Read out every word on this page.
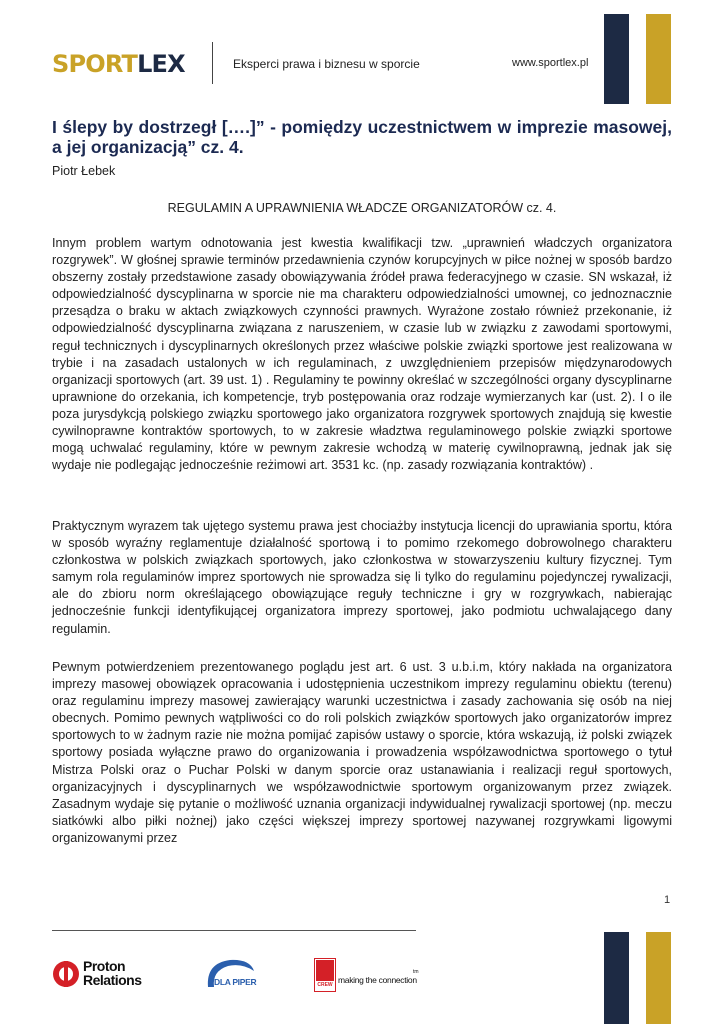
SPORTLEX	Eksperci prawa i biznesu w sporcie	www.sportlex.pl
I ślepy by dostrzegł [….]” - pomiędzy uczestnictwem w imprezie masowej, a jej organizacją” cz. 4.
Piotr Łebek
REGULAMIN A UPRAWNIENIA WŁADCZE ORGANIZATORÓW cz. 4.

Innym problem wartym odnotowania jest kwestia kwalifikacji tzw. „uprawnień władczych organizatora rozgrywek”. W głośnej sprawie terminów przedawnienia czynów korupcyjnych w piłce nożnej w sposób bardzo obszerny zostały przedstawione zasady obowiązywania źródeł prawa federacyjnego w czasie. SN wskazał, iż odpowiedzialność dyscyplinarna w sporcie nie ma charakteru odpowiedzialności umownej, co jednoznacznie przesądza o braku w aktach związkowych czynności prawnych. Wyrażone zostało również przekonanie, iż odpowiedzialność dyscyplinarna związana z naruszeniem, w czasie lub w związku z zawodami sportowymi, reguł technicznych i dyscyplinarnych określonych przez właściwe polskie związki sportowe jest realizowana w trybie i na zasadach ustalonych w ich regulaminach, z uwzględnieniem przepisów międzynarodowych organizacji sportowych (art. 39 ust. 1) . Regulaminy te powinny określać w szczególności organy dyscyplinarne uprawnione do orzekania, ich kompetencje, tryb postępowania oraz rodzaje wymierzanych kar (ust. 2). I o ile poza jurysdykcją polskiego związku sportowego jako organizatora rozgrywek sportowych znajdują się kwestie cywilnoprawne kontraktów sportowych, to w zakresie władztwa regulaminowego polskie związki sportowe mogą uchwalać regulaminy, które w pewnym zakresie wchodzą w materię cywilnoprawną, jednak jak się wydaje nie podlegając jednocześnie reżimowi art. 3531 kc. (np. zasady rozwiązania kontraktów) .

Praktycznym wyrazem tak ujętego systemu prawa jest chociażby instytucja licencji do uprawiania sportu, która w sposób wyraźny reglamentuje działalność sportową i to pomimo rzekomego dobrowolnego charakteru członkostwa w polskich związkach sportowych, jako członkostwa w stowarzyszeniu kultury fizycznej. Tym samym rola regulaminów imprez sportowych nie sprowadza się li tylko do regulaminu pojedynczej rywalizacji, ale do zbioru norm określającego obowiązujące reguły techniczne i gry w rozgrywkach, nabierając jednocześnie funkcji identyfikującej organizatora imprezy sportowej, jako podmiotu uchwalającego dany regulamin.

Pewnym potwierdzeniem prezentowanego poglądu jest art. 6 ust. 3 u.b.i.m, który nakłada na organizatora imprezy masowej obowiązek opracowania i udostępnienia uczestnikom imprezy regulaminu obiektu (terenu) oraz regulaminu imprezy masowej zawierający warunki uczestnictwa i zasady zachowania się osób na niej obecnych. Pomimo pewnych wątpliwości co do roli polskich związków sportowych jako organizatorów imprez sportowych to w żadnym razie nie można pomijać zapisów ustawy o sporcie, która wskazują, iż polski związek sportowy posiada wyłączne prawo do organizowania i prowadzenia współzawodnictwa sportowego o tytuł Mistrza Polski oraz o Puchar Polski w danym sporcie oraz ustanawiania i realizacji reguł sportowych, organizacyjnych i dyscyplinarnych we współzawodnictwie sportowym organizowanym przez związek. Zasadnym wydaje się pytanie o możliwość uznania organizacji indywidualnej rywalizacji sportowej (np. meczu siatkówki albo piłki nożnej) jako części większej imprezy sportowej nazywanej rozgrywkami ligowymi organizowanymi przez

1
Proton
Relations	DLA PIPER	CREW making the connection
tm
